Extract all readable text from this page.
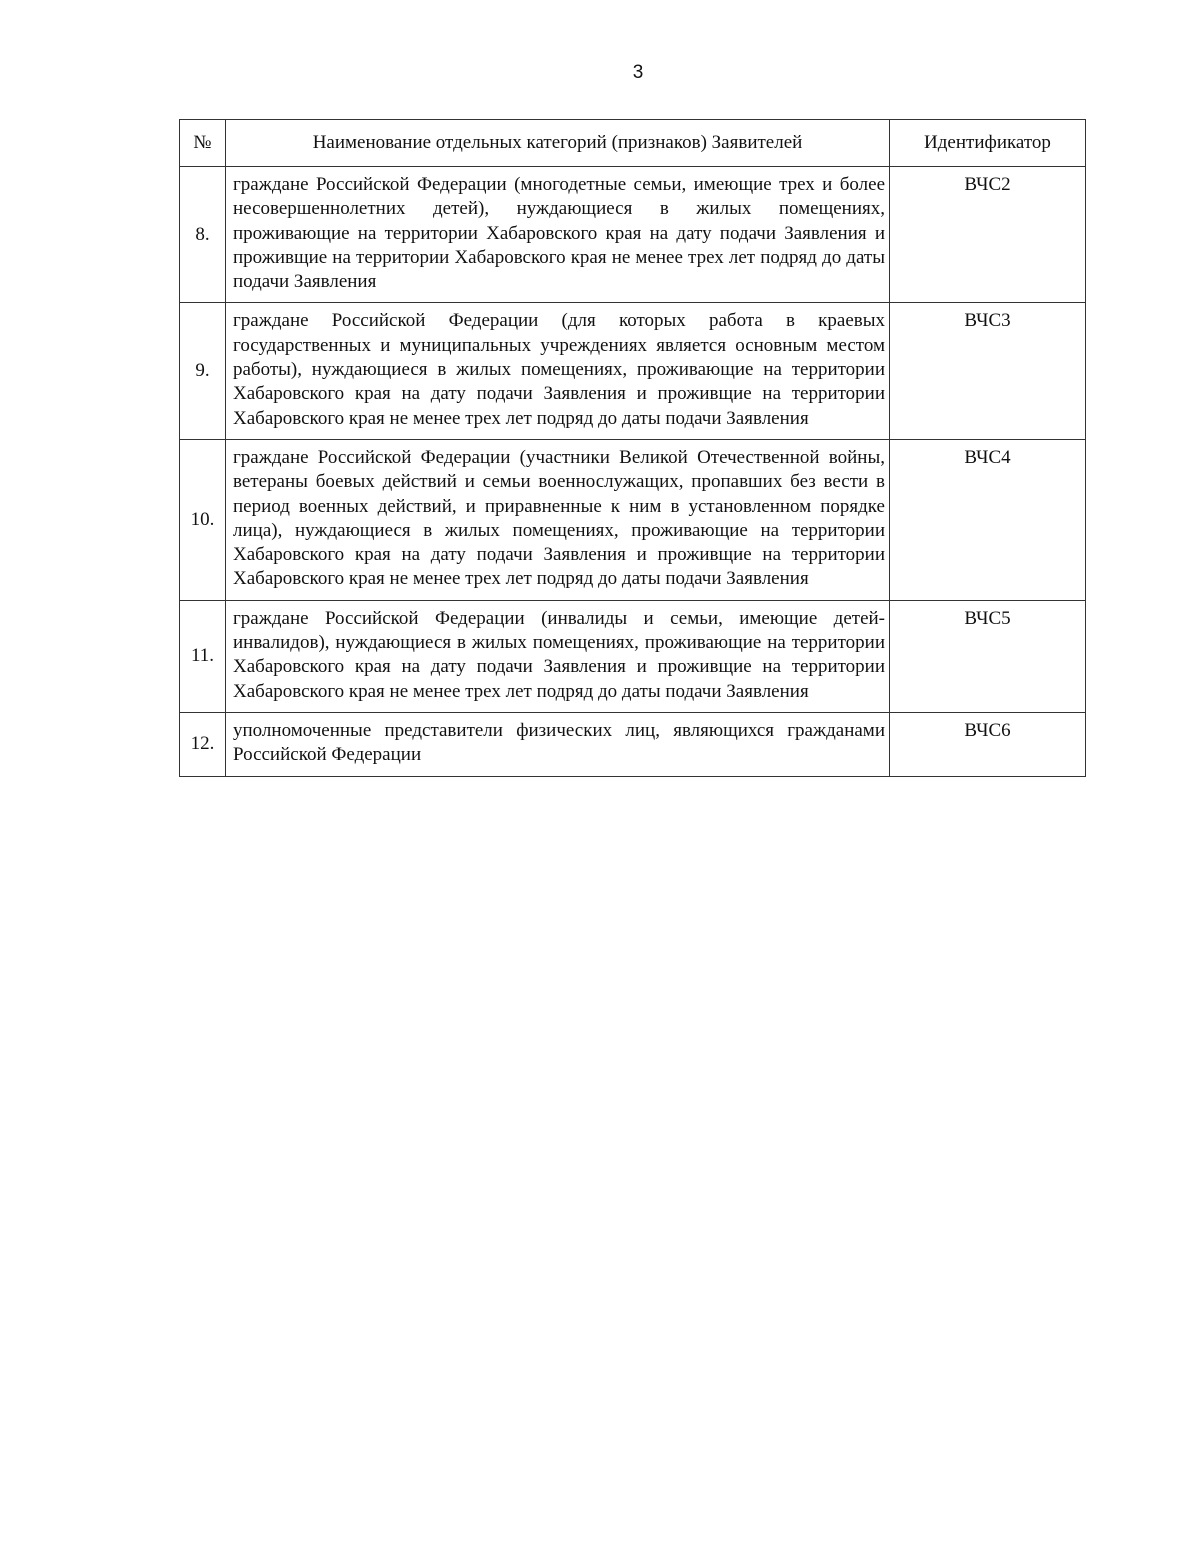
3
№	Наименование отдельных категорий (признаков) Заявителей	Идентификатор
8.	граждане Российской Федерации (многодетные семьи, имеющие трех и более несовершеннолетних детей), нуждающиеся в жилых помещениях, проживающие на территории Хабаровского края на дату подачи Заявления и проживщие на территории Хабаровского края не менее трех лет подряд до даты подачи Заявления	ВЧС2
9.	граждане Российской Федерации (для которых работа в краевых государственных и муниципальных учреждениях является основным местом работы), нуждающиеся в жилых помещениях, проживающие на территории Хабаровского края на дату подачи Заявления и проживщие на территории Хабаровского края не менее трех лет подряд до даты подачи Заявления	ВЧС3
10.	граждане Российской Федерации (участники Великой Отечественной войны, ветераны боевых действий и семьи военнослужащих, пропавших без вести в период военных действий, и приравненные к ним в установленном порядке лица), нуждающиеся в жилых помещениях, проживающие на территории Хабаровского края на дату подачи Заявления и проживщие на территории Хабаровского края не менее трех лет подряд до даты подачи Заявления	ВЧС4
11.	граждане Российской Федерации (инвалиды и семьи, имеющие детей-инвалидов), нуждающиеся в жилых помещениях, проживающие на территории Хабаровского края на дату подачи Заявления и проживщие на территории Хабаровского края не менее трех лет подряд до даты подачи Заявления	ВЧС5
12.	уполномоченные представители физических лиц, являющихся гражданами Российской Федерации	ВЧС6
